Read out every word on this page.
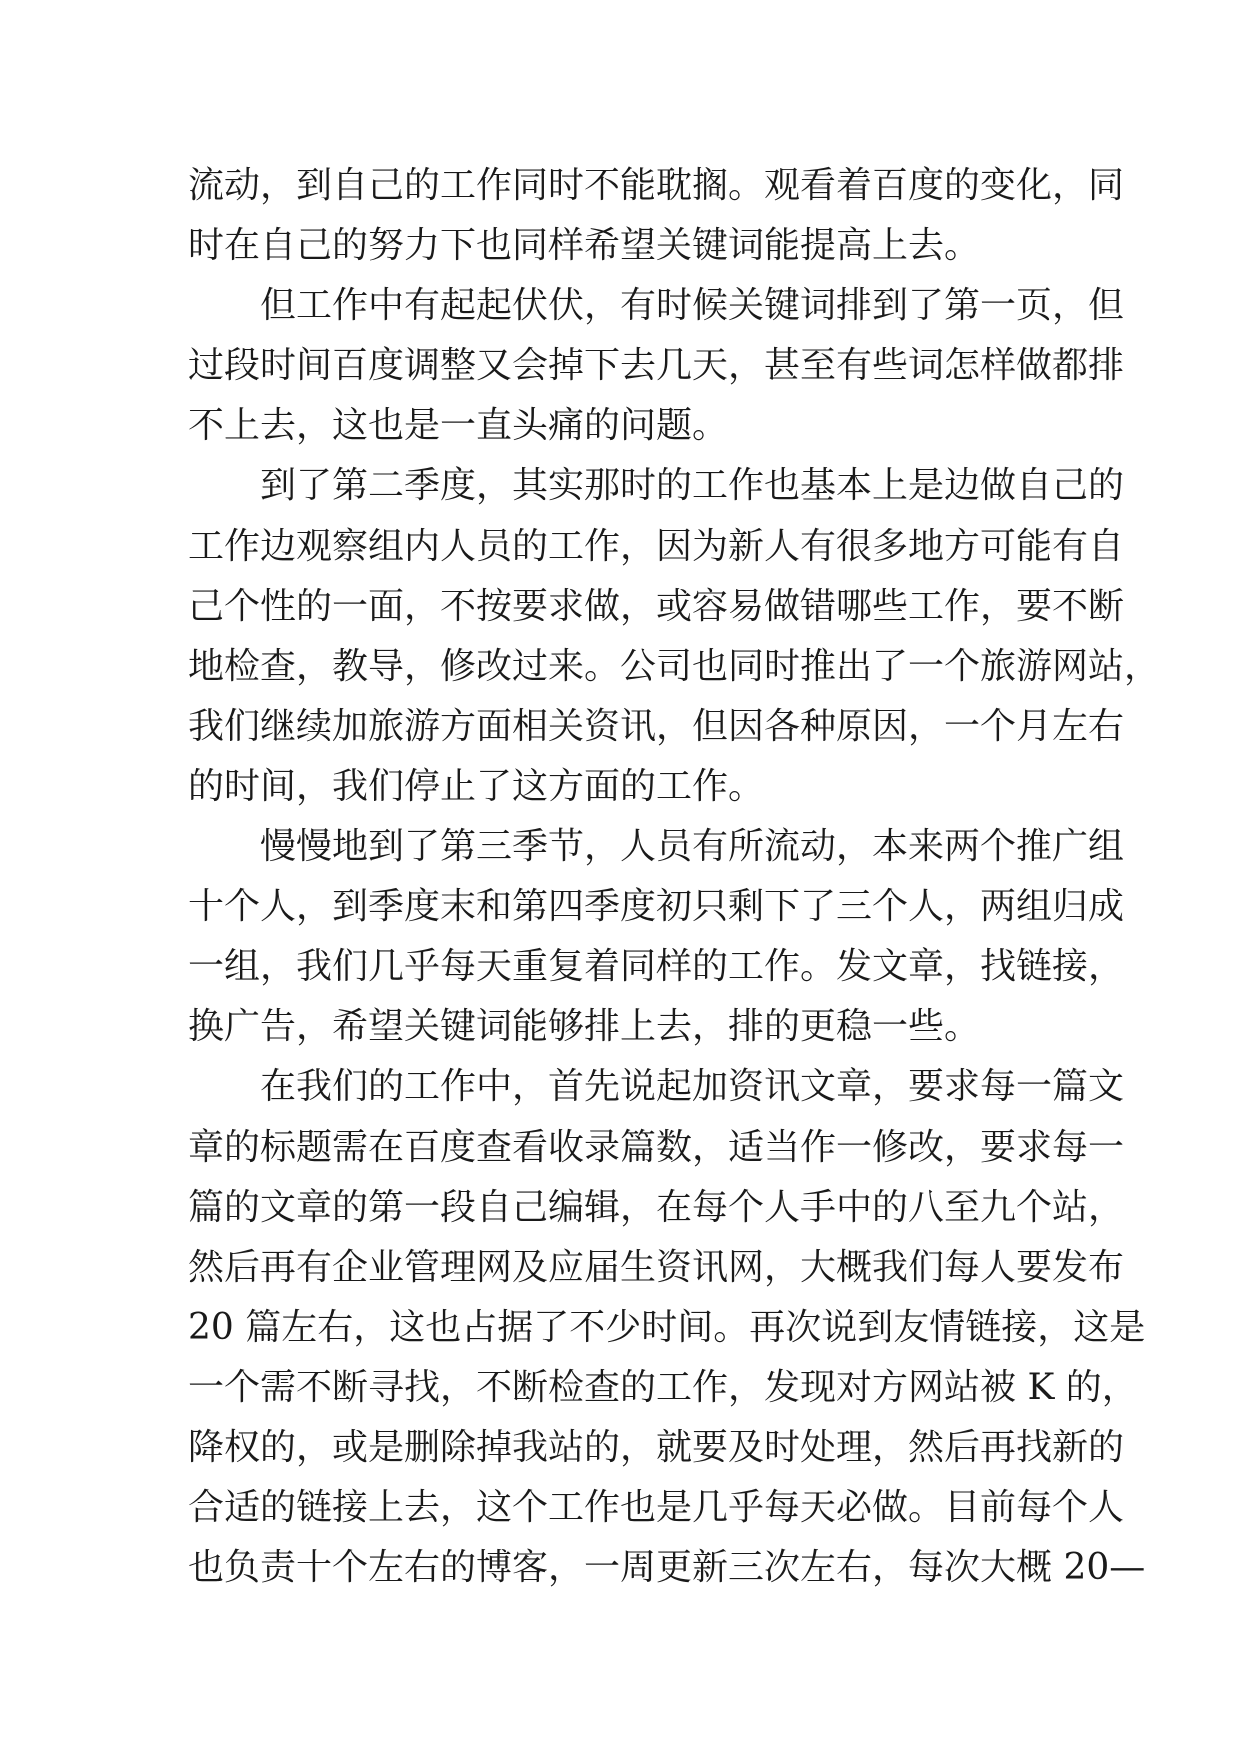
流动，到自己的工作同时不能耽搁。观看着百度的变化，同
时在自己的努力下也同样希望关键词能提高上去。
但工作中有起起伏伏，有时候关键词排到了第一页，但
过段时间百度调整又会掉下去几天，甚至有些词怎样做都排
不上去，这也是一直头痛的问题。
到了第二季度，其实那时的工作也基本上是边做自己的
工作边观察组内人员的工作，因为新人有很多地方可能有自
己个性的一面，不按要求做，或容易做错哪些工作，要不断
地检查，教导，修改过来。公司也同时推出了一个旅游网站，
我们继续加旅游方面相关资讯，但因各种原因，一个月左右
的时间，我们停止了这方面的工作。
慢慢地到了第三季节，人员有所流动，本来两个推广组
十个人，到季度末和第四季度初只剩下了三个人，两组归成
一组，我们几乎每天重复着同样的工作。发文章，找链接，
换广告，希望关键词能够排上去，排的更稳一些。
在我们的工作中，首先说起加资讯文章，要求每一篇文
章的标题需在百度查看收录篇数，适当作一修改，要求每一
篇的文章的第一段自己编辑，在每个人手中的八至九个站，
然后再有企业管理网及应届生资讯网，大概我们每人要发布
20 篇左右，这也占据了不少时间。再次说到友情链接，这是
一个需不断寻找，不断检查的工作，发现对方网站被 K 的，
降权的，或是删除掉我站的，就要及时处理，然后再找新的
合适的链接上去，这个工作也是几乎每天必做。目前每个人
也负责十个左右的博客，一周更新三次左右，每次大概 20—
